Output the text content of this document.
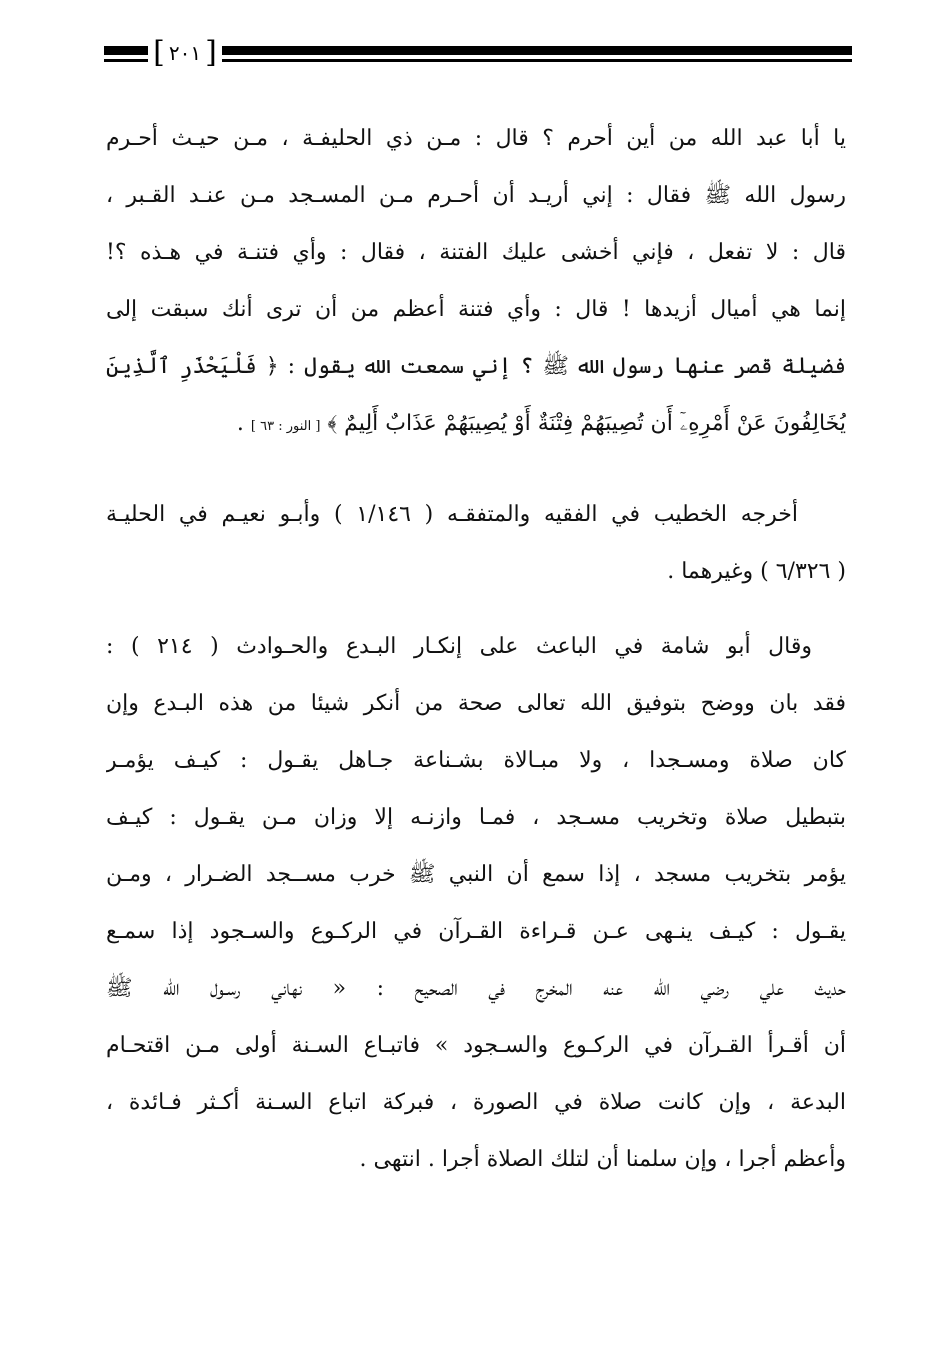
[ ٢٠١ ]
يا أبا عبد الله من أين أحرم ؟ قال : مـن ذي الحليفـة ، مـن حيـث أحـرم
رسول الله ﷺ فقال : إني أريـد أن أحـرم مـن المسـجد مـن عنـد القـبر ،
قال : لا تفعل ، فإني أخشى عليك الفتنة ، فقال : وأي فتنـة في هـذه ؟!
إنما هي أميال أزيدها ! قال : وأي فتنة أعظم من أن ترى أنك سبقت إلى
فضيلة قصر عنها رسول الله ﷺ ؟ إني سمعت الله يقول : ﴿ فَلْيَحْذَرِ ٱلَّذِينَ
يُخَالِفُونَ عَنْ أَمْرِهِۦٓ أَن تُصِيبَهُمْ فِتْنَةٌ أَوْ يُصِيبَهُمْ عَذَابٌ أَلِيمٌ ﴾ [ النور : ٦٣ ] .
أخرجه الخطيب في الفقيه والمتفقـه ( ١/١٤٦ ) وأبـو نعيـم في الحليـة
( ٦/٣٢٦ ) وغيرهما .
وقال أبو شامة في الباعث على إنكـار البـدع والحـوادث ( ٢١٤ ) :
فقد بان ووضح بتوفيق الله تعالى صحة من أنكر شيئا من هذه البـدع وإن
كان صلاة ومسـجدا ، ولا مبـالاة بشـناعة جـاهل يقـول : كيـف يؤمـر
بتبطيل صلاة وتخريب مسـجد ، فمـا وازنـه إلا وزان مـن يقـول : كيـف
يؤمر بتخريب مسجد ، إذا سمع أن النبي ﷺ خرب مســجد الضـرار ، ومـن
يقـول : كيـف ينـهى عـن قـراءة القـرآن في الركـوع والسـجود إذا سمـع
حديث علي رضي الله عنه المخرج في الصحيح : « نهاني رسـول الله ﷺ
أن أقـرأ القـرآن في الركـوع والسـجود » فاتبـاع السـنة أولى مـن اقتحـام
البدعة ، وإن كانت صلاة في الصورة ، فبركة اتباع السـنة أكـثر فـائدة ،
وأعظم أجرا ، وإن سلمنا أن لتلك الصلاة أجرا . انتهى .
